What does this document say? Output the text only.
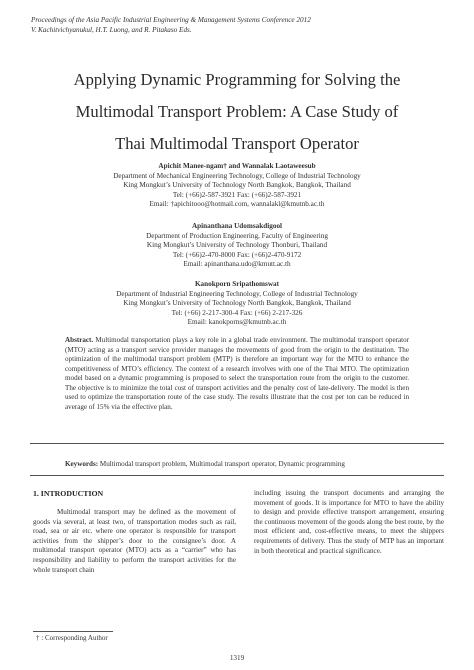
Proceedings of the Asia Pacific Industrial Engineering & Management Systems Conference 2012
V. Kachitvichyanukul, H.T. Luong, and R. Pitakaso Eds.
Applying Dynamic Programming for Solving the
Multimodal Transport Problem: A Case Study of
Thai Multimodal Transport Operator
Apichit Manee-ngam† and Wannalak Laotaweesub
Department of Mechanical Engineering Technology, College of Industrial Technology
King Mongkut’s University of Technology North Bangkok, Bangkok, Thailand
Tel: (+66)2-587-3921 Fax: (+66)2-587-3921
Email: †apichitooo@hotmail.com, wannalakl@kmutnb.ac.th
Apinanthana Udomsakdigool
Department of Production Engineering, Faculty of Engineering
King Mongkut’s University of Technology Thonburi, Thailand
Tel: (+66)2-470-8000 Fax: (+66)2-470-9172
Email: apinanthana.udo@kmutt.ac.th
Kanokporn Sripathomswat
Department of Industrial Engineering Technology, College of Industrial Technology
King Mongkut’s University of Technology North Bangkok, Bangkok, Thailand
Tel: (+66) 2-217-300-4 Fax: (+66) 2-217-326
Email: kanokporns@kmutnb.ac.th
Abstract. Multimodal transportation plays a key role in a global trade environment. The multimodal transport operator (MTO) acting as a transport service provider manages the movements of good from the origin to the destination. The optimization of the multimodal transport problem (MTP) is therefore an important way for the MTO to enhance the competitiveness of MTO’s efficiency. The context of a research involves with one of the Thai MTO. The optimization model based on a dynamic programming is proposed to select the transportation route from the origin to the customer. The objective is to minimize the total cost of transport activities and the penalty cost of late-delivery. The model is then used to optimize the transportation route of the case study. The results illustrate that the cost per ton can be reduced in average of 15% via the effective plan.
Keywords: Multimodal transport problem, Multimodal transport operator, Dynamic programming
1. INTRODUCTION
Multimodal transport may be defined as the movement of goods via several, at least two, of transportation modes such as rail, road, sea or air etc. where one operator is responsible for transport activities from the shipper’s door to the consignee’s door. A multimodal transport operator (MTO) acts as a “carrier” who has responsibility and liability to perform the transport activities for the whole transport chain
including issuing the transport documents and arranging the movement of goods. It is importance for MTO to have the ability to design and provide effective transport arrangement, ensuring the continuous movement of the goods along the best route, by the most efficient and, cost-effective means, to meet the shippers requirements of delivery. Thus the study of MTP has an important in both theoretical and practical significance.
† : Corresponding Author
1319
